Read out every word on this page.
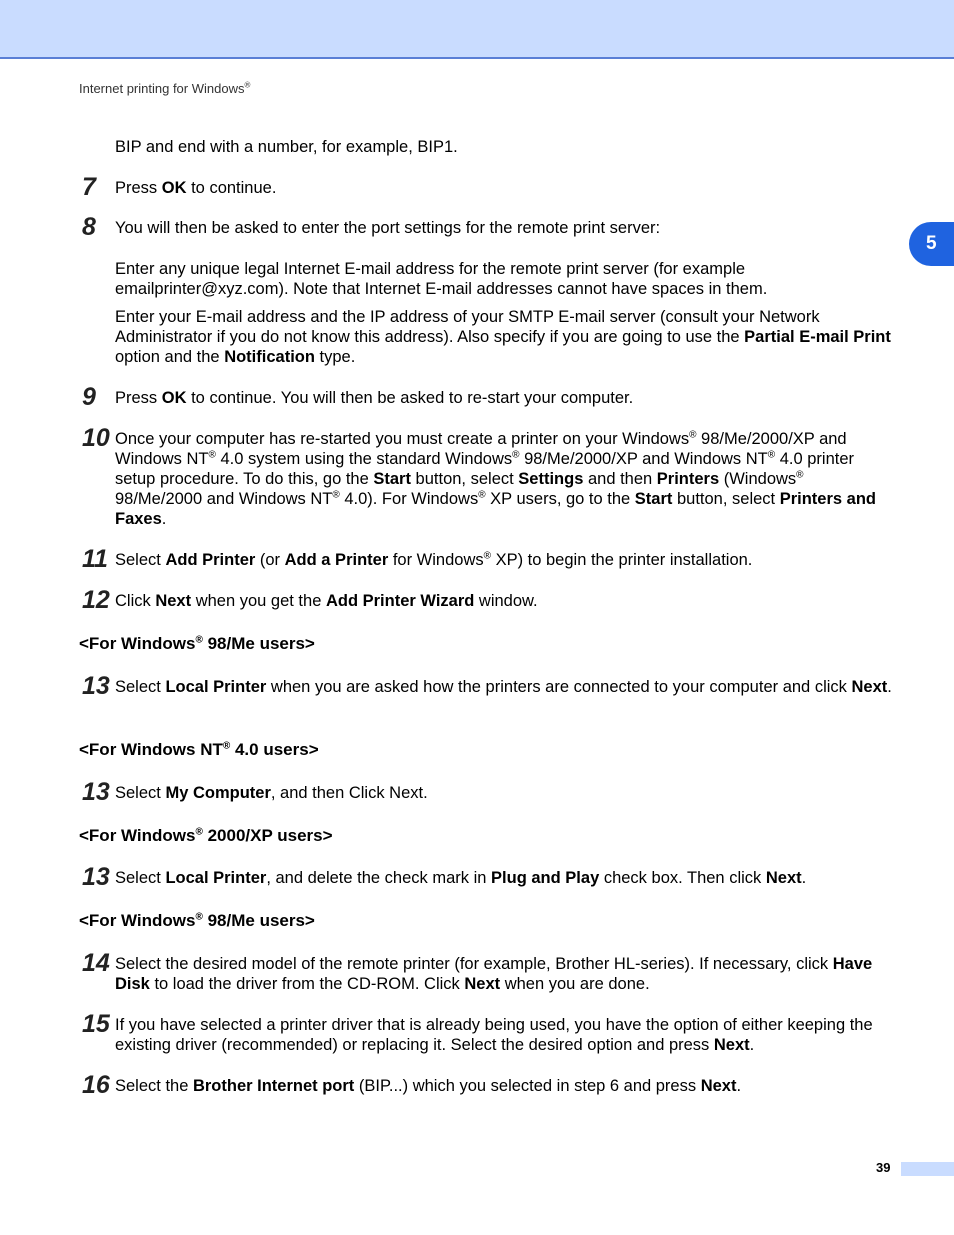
Internet printing for Windows®
5
BIP and end with a number, for example, BIP1.
7 Press OK to continue.
8 You will then be asked to enter the port settings for the remote print server:
Enter any unique legal Internet E-mail address for the remote print server (for example emailprinter@xyz.com). Note that Internet E-mail addresses cannot have spaces in them.
Enter your E-mail address and the IP address of your SMTP E-mail server (consult your Network Administrator if you do not know this address). Also specify if you are going to use the Partial E-mail Print option and the Notification type.
9 Press OK to continue. You will then be asked to re-start your computer.
10 Once your computer has re-started you must create a printer on your Windows® 98/Me/2000/XP and Windows NT® 4.0 system using the standard Windows® 98/Me/2000/XP and Windows NT® 4.0 printer setup procedure. To do this, go the Start button, select Settings and then Printers (Windows® 98/Me/2000 and Windows NT® 4.0). For Windows® XP users, go to the Start button, select Printers and Faxes.
11 Select Add Printer (or Add a Printer for Windows® XP) to begin the printer installation.
12 Click Next when you get the Add Printer Wizard window.
<For Windows® 98/Me users>
13 Select Local Printer when you are asked how the printers are connected to your computer and click Next.
<For Windows NT® 4.0 users>
13 Select My Computer, and then Click Next.
<For Windows® 2000/XP users>
13 Select Local Printer, and delete the check mark in Plug and Play check box. Then click Next.
<For Windows® 98/Me users>
14 Select the desired model of the remote printer (for example, Brother HL-series). If necessary, click Have Disk to load the driver from the CD-ROM. Click Next when you are done.
15 If you have selected a printer driver that is already being used, you have the option of either keeping the existing driver (recommended) or replacing it. Select the desired option and press Next.
16 Select the Brother Internet port (BIP...) which you selected in step 6 and press Next.
39
